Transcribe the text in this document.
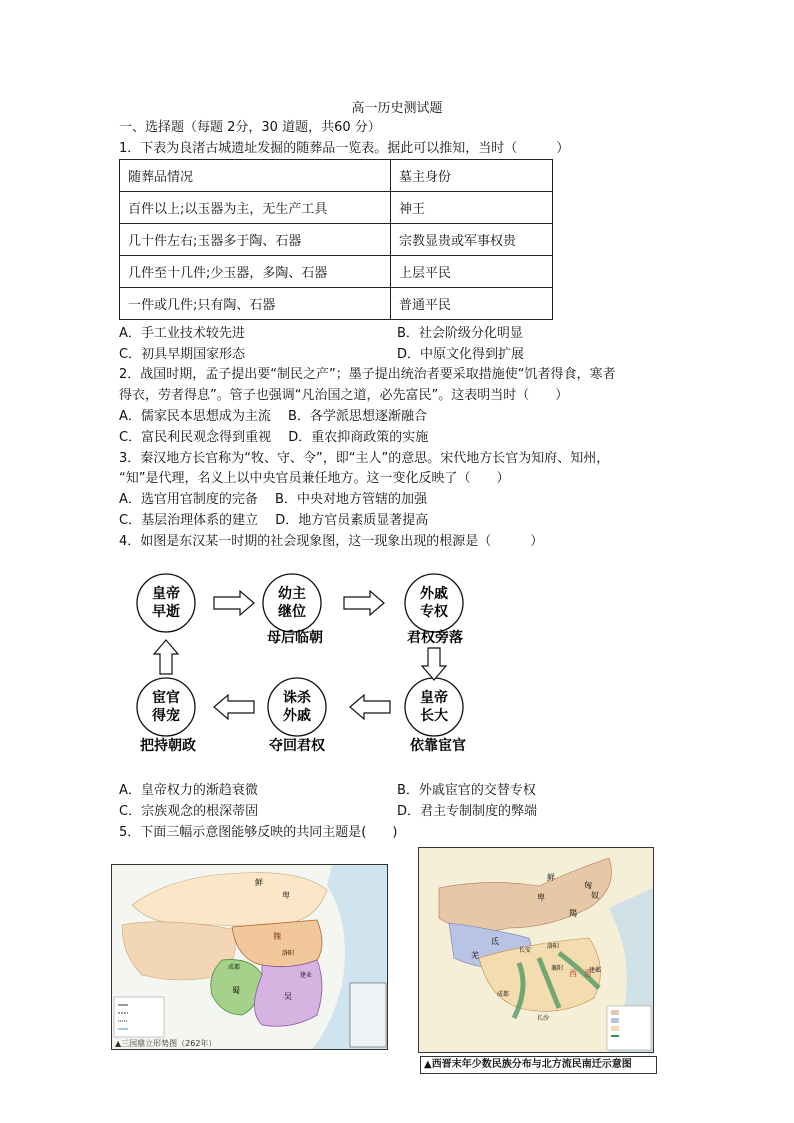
高一历史测试题
一、选择题（每题 2分，30 道题，共60 分）
1．下表为良渚古城遗址发掘的随葬品一览表。据此可以推知，当时（　　　）
随葬品情况	墓主身份
百件以上;以玉器为主，无生产工具	神王
几十件左右;玉器多于陶、石器	宗教显贵或军事权贵
几件至十几件;少玉器，多陶、石器	上层平民
一件或几件;只有陶、石器	普通平民
A．手工业技术较先进	B．社会阶级分化明显
C．初具早期国家形态	D．中原文化得到扩展
2．战国时期，孟子提出要“制民之产”；墨子提出统治者要采取措施使“饥者得食，寒者
得衣，劳者得息”。管子也强调“凡治国之道，必先富民”。这表明当时（　　）
A．儒家民本思想成为主流　 B．各学派思想逐渐融合
C．富民利民观念得到重视　 D．重农抑商政策的实施
3．秦汉地方长官称为“牧、守、令”，即“主人”的意思。宋代地方长官为知府、知州，
“知”是代理，名义上以中央官员兼任地方。这一变化反映了（　　）
A．选官用官制度的完备　 B．中央对地方管辖的加强
C．基层治理体系的建立　 D．地方官员素质显著提高
4．如图是东汉某一时期的社会现象图，这一现象出现的根源是（　　　）
皇帝
早逝
幼主
继位
母后临朝
外戚
专权
君权旁落
宦官
得宠
把持朝政
诛杀
外戚
夺回君权
皇帝
长大
依靠宦官
A．皇帝权力的渐趋衰微	B．外戚宦官的交替专权
C．宗族观念的根深蒂固	D．君主专制制度的弊端
5．下面三幅示意图能够反映的共同主题是(　　)
鲜
卑
魏
蜀
吴
洛阳
成都
建业
▲三国鼎立形势图（262年）
鲜
卑
匈
奴
羯
氐
羌
洛阳
长安
襄阳	建邺
成都
长沙
西 晋
▲西晋末年少数民族分布与北方流民南迁示意图
